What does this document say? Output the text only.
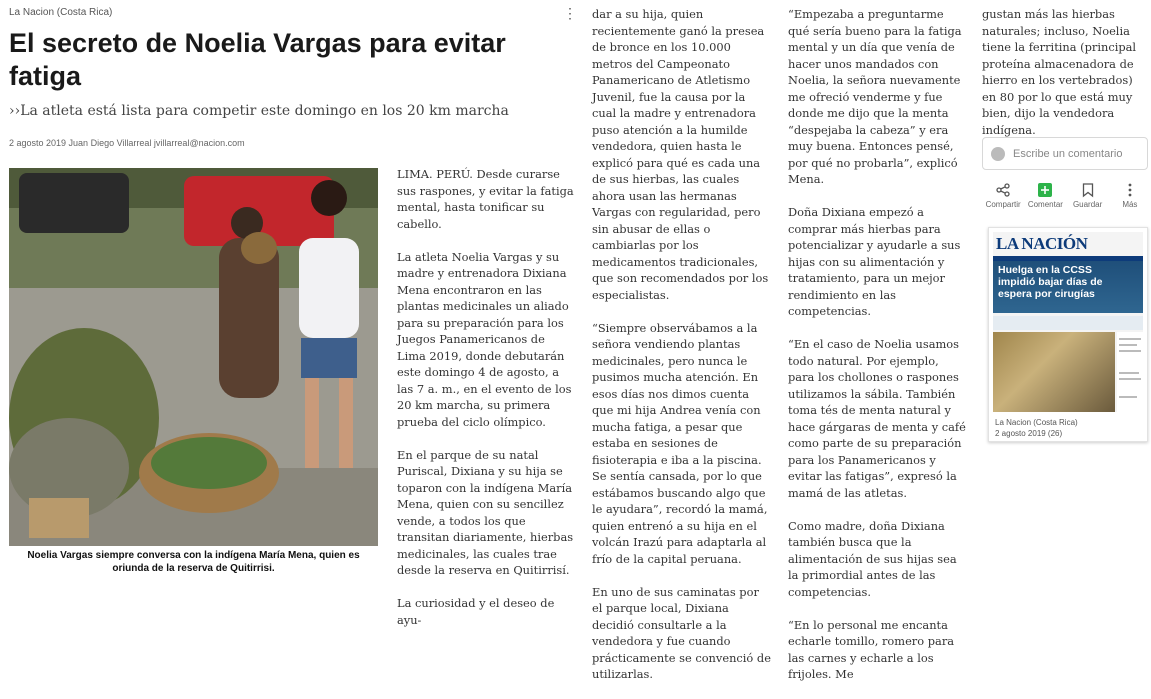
La Nacion (Costa Rica)	⋮
El secreto de Noelia Vargas para evitar fatiga
››La atleta está lista para competir este domingo en los 20 km marcha
2 agosto 2019 Juan Diego Villarreal jvillarreal@nacion.com
Noelia Vargas siempre conversa con la indígena María Mena, quien es oriunda de la reserva de Quitirrisi.

LIMA. PERÚ. Desde curarse sus raspones, y evitar la fatiga mental, hasta tonificar su cabello.

La atleta Noelia Vargas y su madre y entrenadora Dixiana Mena encontraron en las plantas medicinales un aliado para su preparación para los Juegos Panamericanos de Lima 2019, donde debutarán este domingo 4 de agosto, a las 7 a. m., en el evento de los 20 km marcha, su primera prueba del ciclo olímpico.

En el parque de su natal Puriscal, Dixiana y su hija se toparon con la indígena María Mena, quien con su sencillez vende, a todos los que transitan diariamente, hierbas medicinales, las cuales trae desde la reserva en Quitirrisí.

La curiosidad y el deseo de ayu-

dar a su hija, quien recientemente ganó la presea de bronce en los 10.000 metros del Campeonato Panamericano de Atletismo Juvenil, fue la causa por la cual la madre y entrenadora puso atención a la humilde vendedora, quien hasta le explicó para qué es cada una de sus hierbas, las cuales ahora usan las hermanas Vargas con regularidad, pero sin abusar de ellas o cambiarlas por los medicamentos tradicionales, que son recomendados por los especialistas.

“Siempre observábamos a la señora vendiendo plantas medicinales, pero nunca le pusimos mucha atención. En esos días nos dimos cuenta que mi hija Andrea venía con mucha fatiga, a pesar que estaba en sesiones de fisioterapia e iba a la piscina. Se sentía cansada, por lo que estábamos buscando algo que le ayudara”, recordó la mamá, quien entrenó a su hija en el volcán Irazú para adaptarla al frío de la capital peruana.

En uno de sus caminatas por el parque local, Dixiana decidió consultarle a la vendedora y fue cuando prácticamente se convenció de utilizarlas.

“Empezaba a preguntarme qué sería bueno para la fatiga mental y un día que venía de hacer unos mandados con Noelia, la señora nuevamente me ofreció venderme y fue donde me dijo que la menta “despejaba la cabeza” y era muy buena. Entonces pensé, por qué no probarla”, explicó Mena.

Doña Dixiana empezó a comprar más hierbas para potencializar y ayudarle a sus hijas con su alimentación y tratamiento, para un mejor rendimiento en las competencias.

“En el caso de Noelia usamos todo natural. Por ejemplo, para los chollones o raspones utilizamos la sábila. También toma tés de menta natural y hace gárgaras de menta y café como parte de su preparación para los Panamericanos y evitar las fatigas”, expresó la mamá de las atletas.

Como madre, doña Dixiana también busca que la alimentación de sus hijas sea la primordial antes de las competencias.

“En lo personal me encanta echarle tomillo, romero para las carnes y echarle a los frijoles. Me

gustan más las hierbas naturales; incluso, Noelia tiene la ferritina (principal proteína almacenadora de hierro en los vertebrados) en 80 por lo que está muy bien, dijo la vendedora indígena.

Escribe un comentario
Compartir Comentar	Guardar	Más
LA NACIÓN
Huelga en la CCSS impidió bajar días de espera por cirugías
La Nacion (Costa Rica)
2 agosto 2019 (26)
